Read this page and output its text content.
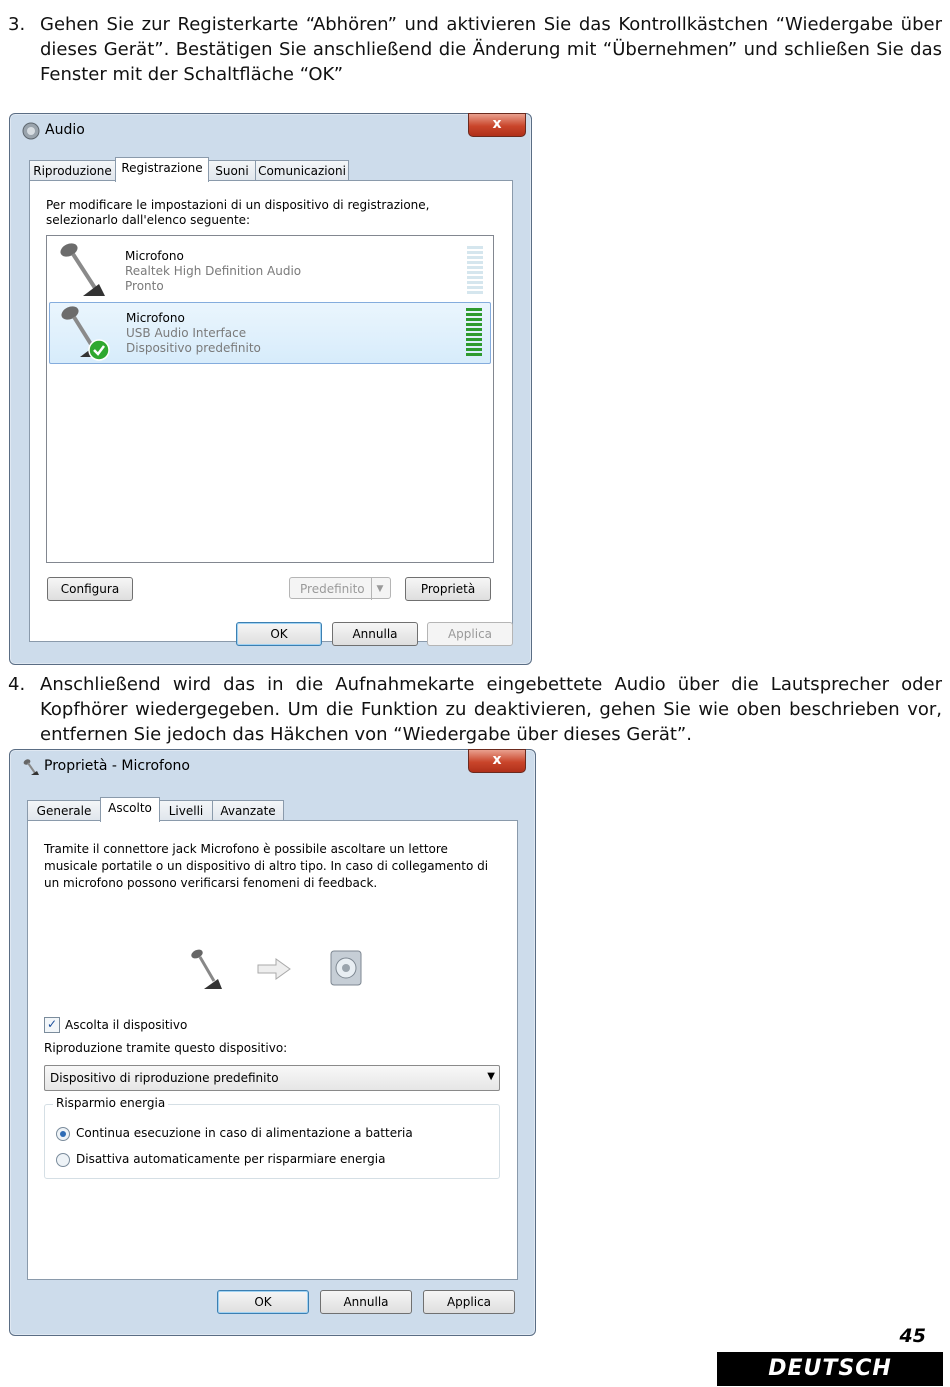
3. Gehen Sie zur Registerkarte “Abhören” und aktivieren Sie das Kontrollkästchen “Wiedergabe über dieses Gerät”. Bestätigen Sie anschließend die Änderung mit “Übernehmen” und schließen Sie das Fenster mit der Schaltfläche “OK”
Audio	x
Riproduzione Registrazione	Suoni Comunicazioni
Per modificare le impostazioni di un dispositivo di registrazione, selezionarlo dall'elenco seguente:
Microfono
Realtek High Definition Audio
Pronto
Microfono
USB Audio Interface
Dispositivo predefinito
Configura	Predefinito	▼	Proprietà
OK	Annulla	Applica
4. Anschließend wird das in die Aufnahmekarte eingebettete Audio über die Lautsprecher oder Kopfhörer wiedergegeben. Um die Funktion zu deaktivieren, gehen Sie wie oben beschrieben vor, entfernen Sie jedoch das Häkchen von “Wiedergabe über dieses Gerät”.
Proprietà - Microfono	x
Generale	Ascolto	Livelli	Avanzate
Tramite il connettore jack Microfono è possibile ascoltare un lettore musicale portatile o un dispositivo di altro tipo. In caso di collegamento di un microfono possono verificarsi fenomeni di feedback.
✓ Ascolta il dispositivo
Riproduzione tramite questo dispositivo:
Dispositivo di riproduzione predefinito	▼
Risparmio energia
Continua esecuzione in caso di alimentazione a batteria
Disattiva automaticamente per risparmiare energia
OK	Annulla	Applica
45
DEUTSCH
